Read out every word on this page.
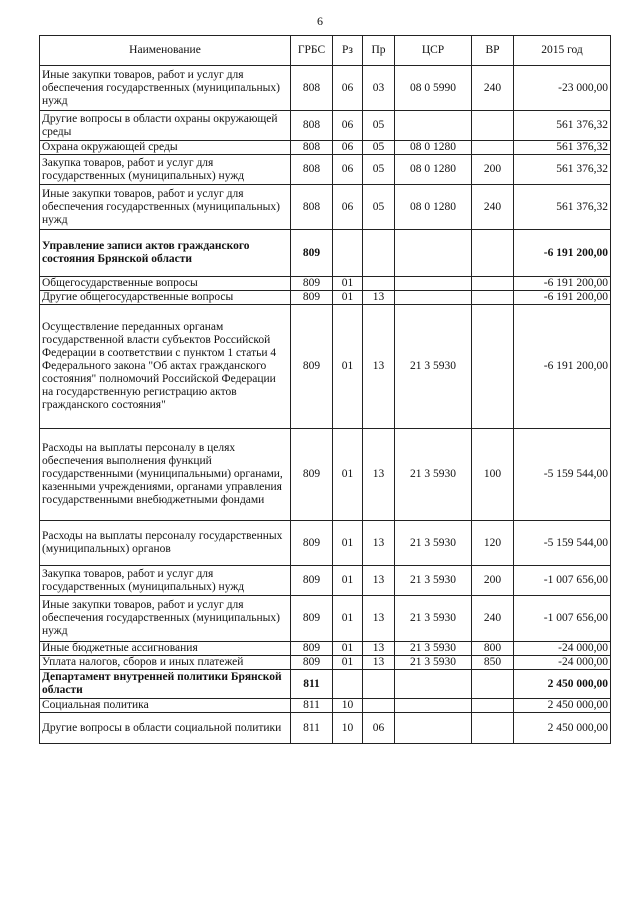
6
Наименование	ГРБС	Рз	Пр	ЦСР	ВР	2015 год
Иные закупки товаров, работ и услуг для обеспечения государственных (муниципальных) нужд	808	06	03	08 0 5990	240	-23 000,00
Другие вопросы в области охраны окружающей среды	808	06	05			561 376,32
Охрана окружающей среды	808	06	05	08 0 1280		561 376,32
Закупка товаров, работ и услуг для государственных (муниципальных) нужд	808	06	05	08 0 1280	200	561 376,32
Иные закупки товаров, работ и услуг для обеспечения государственных (муниципальных) нужд	808	06	05	08 0 1280	240	561 376,32
Управление записи актов гражданского состояния Брянской области	809					-6 191 200,00
Общегосударственные вопросы	809	01				-6 191 200,00
Другие общегосударственные вопросы	809	01	13			-6 191 200,00
Осуществление переданных органам государственной власти субъектов Российской Федерации в соответствии с пунктом 1 статьи 4 Федерального закона "Об актах гражданского состояния" полномочий Российской Федерации на государственную регистрацию актов гражданского состояния"	809	01	13	21 3 5930		-6 191 200,00
Расходы на выплаты персоналу в целях обеспечения выполнения функций государственными (муниципальными) органами, казенными учреждениями, органами управления государственными внебюджетными фондами	809	01	13	21 3 5930	100	-5 159 544,00
Расходы на выплаты персоналу государственных (муниципальных) органов	809	01	13	21 3 5930	120	-5 159 544,00
Закупка товаров, работ и услуг для государственных (муниципальных) нужд	809	01	13	21 3 5930	200	-1 007 656,00
Иные закупки товаров, работ и услуг для обеспечения государственных (муниципальных) нужд	809	01	13	21 3 5930	240	-1 007 656,00
Иные бюджетные ассигнования	809	01	13	21 3 5930	800	-24 000,00
Уплата налогов, сборов и иных платежей	809	01	13	21 3 5930	850	-24 000,00
Департамент внутренней политики Брянской области	811					2 450 000,00
Социальная политика	811	10				2 450 000,00
Другие вопросы в области социальной политики	811	10	06			2 450 000,00
